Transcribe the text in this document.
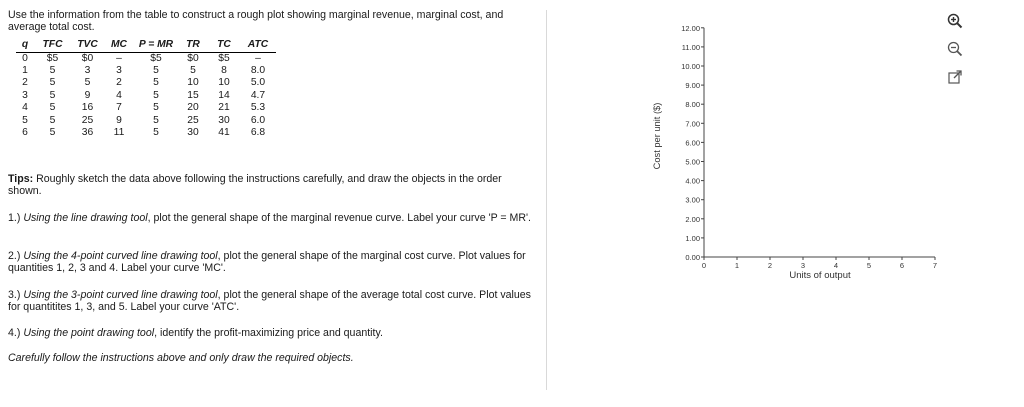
Use the information from the table to construct a rough plot showing marginal revenue, marginal cost, and average total cost.
q	TFC	TVC	MC	P = MR	TR	TC	ATC
0	$5	$0	–	$5	$0	$5	–
1	5	3	3	5	5	8	8.0
2	5	5	2	5	10	10	5.0
3	5	9	4	5	15	14	4.7
4	5	16	7	5	20	21	5.3
5	5	25	9	5	25	30	6.0
6	5	36	11	5	30	41	6.8
Tips: Roughly sketch the data above following the instructions carefully, and draw the objects in the order shown.
1.) Using the line drawing tool, plot the general shape of the marginal revenue curve. Label your curve 'P = MR'.
2.) Using the 4-point curved line drawing tool, plot the general shape of the marginal cost curve. Plot values for quantities 1, 2, 3 and 4. Label your curve 'MC'.
3.) Using the 3-point curved line drawing tool, plot the general shape of the average total cost curve. Plot values for quantitites 1, 3, and 5. Label your curve 'ATC'.
4.) Using the point drawing tool, identify the profit-maximizing price and quantity.
Carefully follow the instructions above and only draw the required objects.
Cost per unit ($)
0.00
1.00
2.00
3.00
4.00
5.00
6.00
7.00
8.00
9.00
10.00
11.00
12.00
0	1	2	3	4	5	6	7
Units of output
